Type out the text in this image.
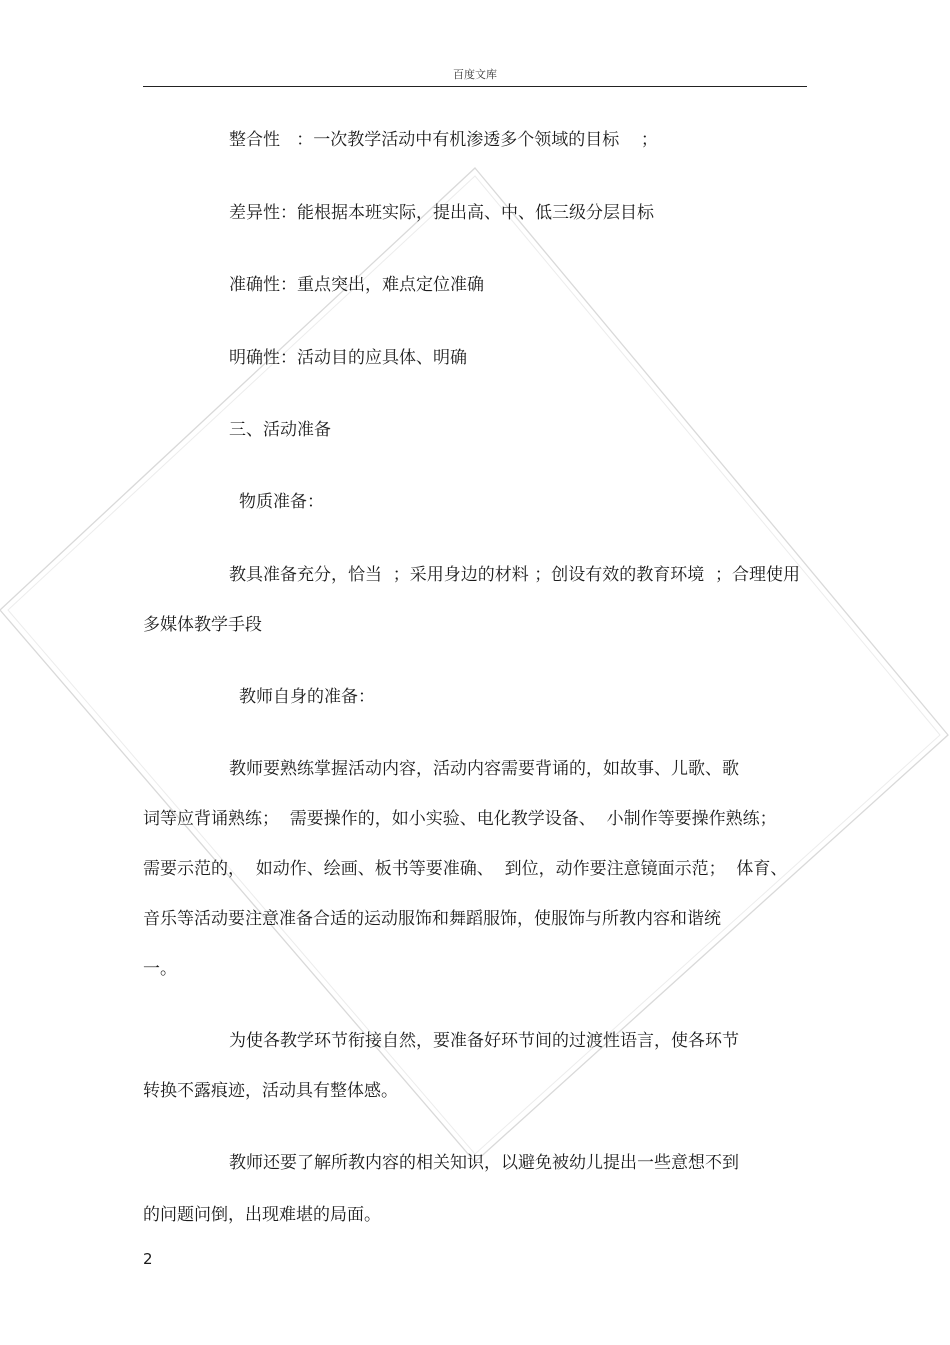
百度文库
整合性   ：一次教学活动中有机渗透多个领域的目标    ；
差异性：能根据本班实际，提出高、中、低三级分层目标
准确性：重点突出，难点定位准确
明确性：活动目的应具体、明确
三、活动准备
物质准备：
教具准备充分，恰当  ；采用身边的材料 ；创设有效的教育环境  ；合理使用
多媒体教学手段
教师自身的准备：
教师要熟练掌握活动内容，活动内容需要背诵的，如故事、儿歌、歌
词等应背诵熟练；  需要操作的，如小实验、电化教学设备、  小制作等要操作熟练；
需要示范的，  如动作、绘画、板书等要准确、  到位，动作要注意镜面示范；  体育、
音乐等活动要注意准备合适的运动服饰和舞蹈服饰，使服饰与所教内容和谐统
一。
为使各教学环节衔接自然，要准备好环节间的过渡性语言，使各环节
转换不露痕迹，活动具有整体感。
教师还要了解所教内容的相关知识，以避免被幼儿提出一些意想不到
的问题问倒，出现难堪的局面。
2
